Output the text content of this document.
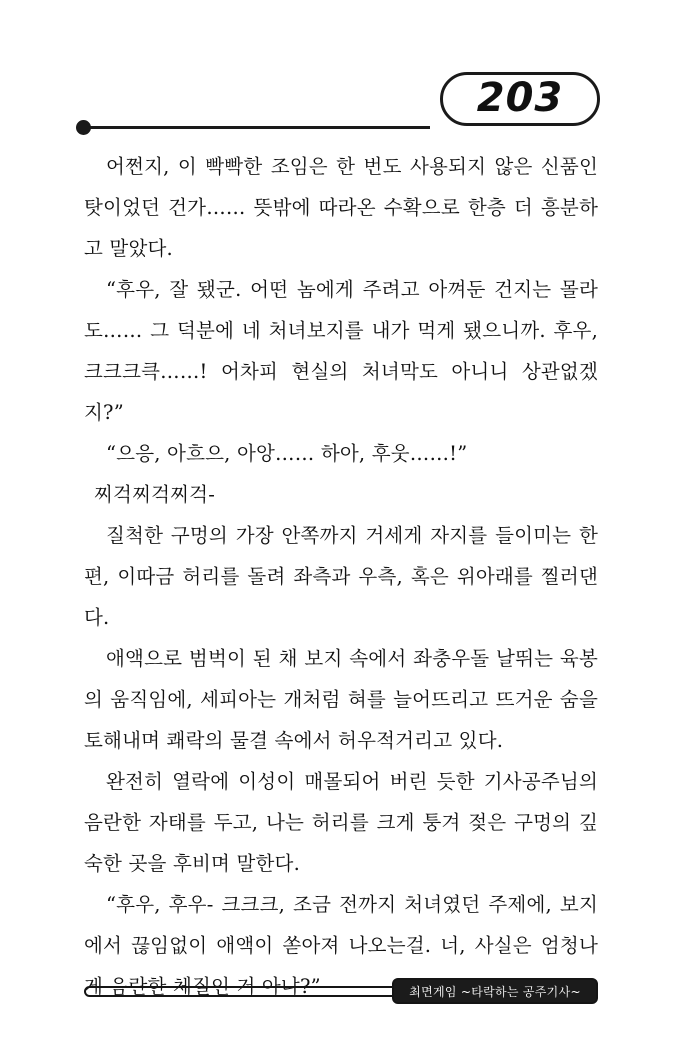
203

어쩐지, 이 빡빡한 조임은 한 번도 사용되지 않은 신품인 탓이었던 건가…… 뜻밖에 따라온 수확으로 한층 더 흥분하고 말았다.

“후우, 잘 됐군. 어떤 놈에게 주려고 아껴둔 건지는 몰라도…… 그 덕분에 네 처녀보지를 내가 먹게 됐으니까. 후우, 크크크큭……! 어차피 현실의 처녀막도 아니니 상관없겠지?”

“으응, 아흐으, 아앙…… 하아, 후웃……!”

찌걱찌걱찌걱-

질척한 구멍의 가장 안쪽까지 거세게 자지를 들이미는 한편, 이따금 허리를 돌려 좌측과 우측, 혹은 위아래를 찔러댄다.

애액으로 범벅이 된 채 보지 속에서 좌충우돌 날뛰는 육봉의 움직임에, 세피아는 개처럼 혀를 늘어뜨리고 뜨거운 숨을 토해내며 쾌락의 물결 속에서 허우적거리고 있다.

완전히 열락에 이성이 매몰되어 버린 듯한 기사공주님의 음란한 자태를 두고, 나는 허리를 크게 퉁겨 젖은 구멍의 깊숙한 곳을 후비며 말한다.

“후우, 후우- 크크크, 조금 전까지 처녀였던 주제에, 보지에서 끊임없이 애액이 쏟아져 나오는걸. 너, 사실은 엄청나게 음란한 체질인 거 아냐?”	최면게임 ~타락하는 공주기사~
